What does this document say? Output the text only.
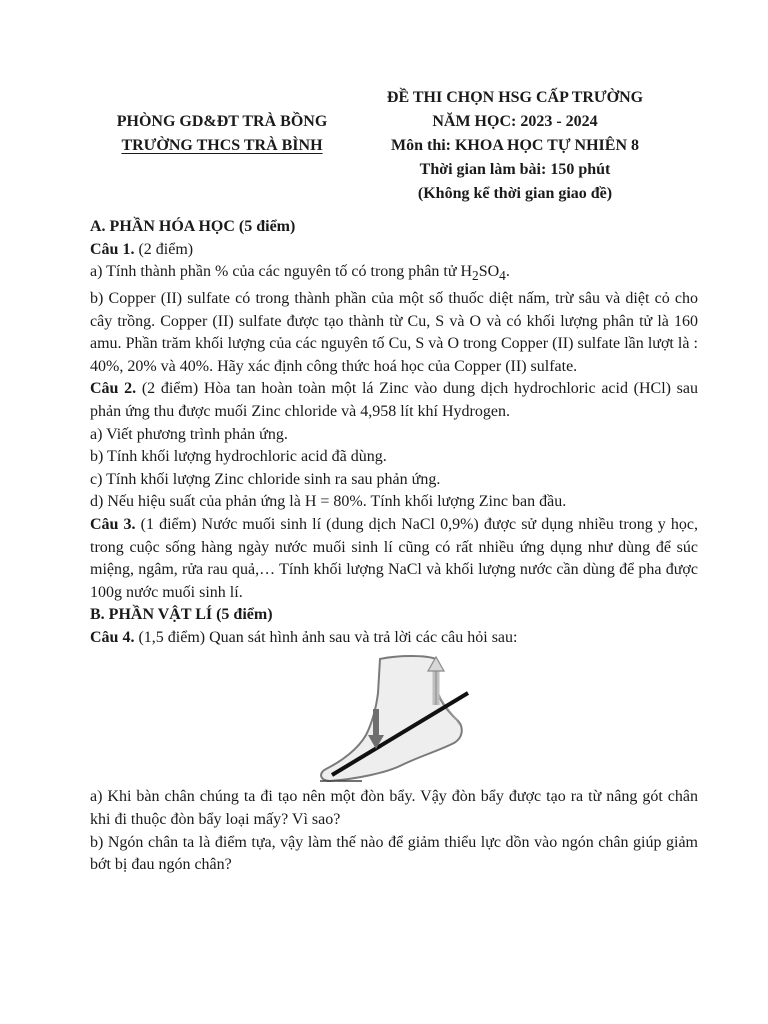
PHÒNG GD&ĐT TRÀ BỒNG
TRƯỜNG THCS TRÀ BÌNH
ĐỀ THI CHỌN HSG CẤP TRƯỜNG
NĂM HỌC: 2023 - 2024
Môn thi: KHOA HỌC TỰ NHIÊN 8
Thời gian làm bài: 150 phút
(Không kể thời gian giao đề)

A. PHẦN HÓA HỌC (5 điểm)

Câu 1. (2 điểm)

a) Tính thành phần % của các nguyên tố có trong phân tử $H_2SO_4$.

b) Copper (II) sulfate có trong thành phần của một số thuốc diệt nấm, trừ sâu và diệt cỏ cho cây trồng. Copper (II) sulfate được tạo thành từ Cu, S và O và có khối lượng phân tử là 160 amu. Phần trăm khối lượng của các nguyên tố Cu, S và O trong Copper (II) sulfate lần lượt là : 40%, 20% và 40%. Hãy xác định công thức hoá học của Copper (II) sulfate.

Câu 2. (2 điểm) Hòa tan hoàn toàn một lá Zinc vào dung dịch hydrochloric acid (HCl) sau phản ứng thu được muối Zinc chloride và 4,958 lít khí Hydrogen.

a) Viết phương trình phản ứng.

b) Tính khối lượng hydrochloric acid đã dùng.

c) Tính khối lượng Zinc chloride sinh ra sau phản ứng.

d) Nếu hiệu suất của phản ứng là H = 80%. Tính khối lượng Zinc ban đầu.

Câu 3. (1 điểm) Nước muối sinh lí (dung dịch NaCl 0,9%) được sử dụng nhiều trong y học, trong cuộc sống hàng ngày nước muối sinh lí cũng có rất nhiều ứng dụng như dùng để súc miệng, ngâm, rửa rau quả,… Tính khối lượng NaCl và khối lượng nước cần dùng để pha được 100g nước muối sinh lí.

B. PHẦN VẬT LÍ (5 điểm)

Câu 4. (1,5 điểm) Quan sát hình ảnh sau và trả lời các câu hỏi sau:

a) Khi bàn chân chúng ta đi tạo nên một đòn bẩy. Vậy đòn bẩy được tạo ra từ nâng gót chân khi đi thuộc đòn bẩy loại mấy? Vì sao?

b) Ngón chân ta là điểm tựa, vậy làm thế nào để giảm thiểu lực dồn vào ngón chân giúp giảm bớt bị đau ngón chân?
